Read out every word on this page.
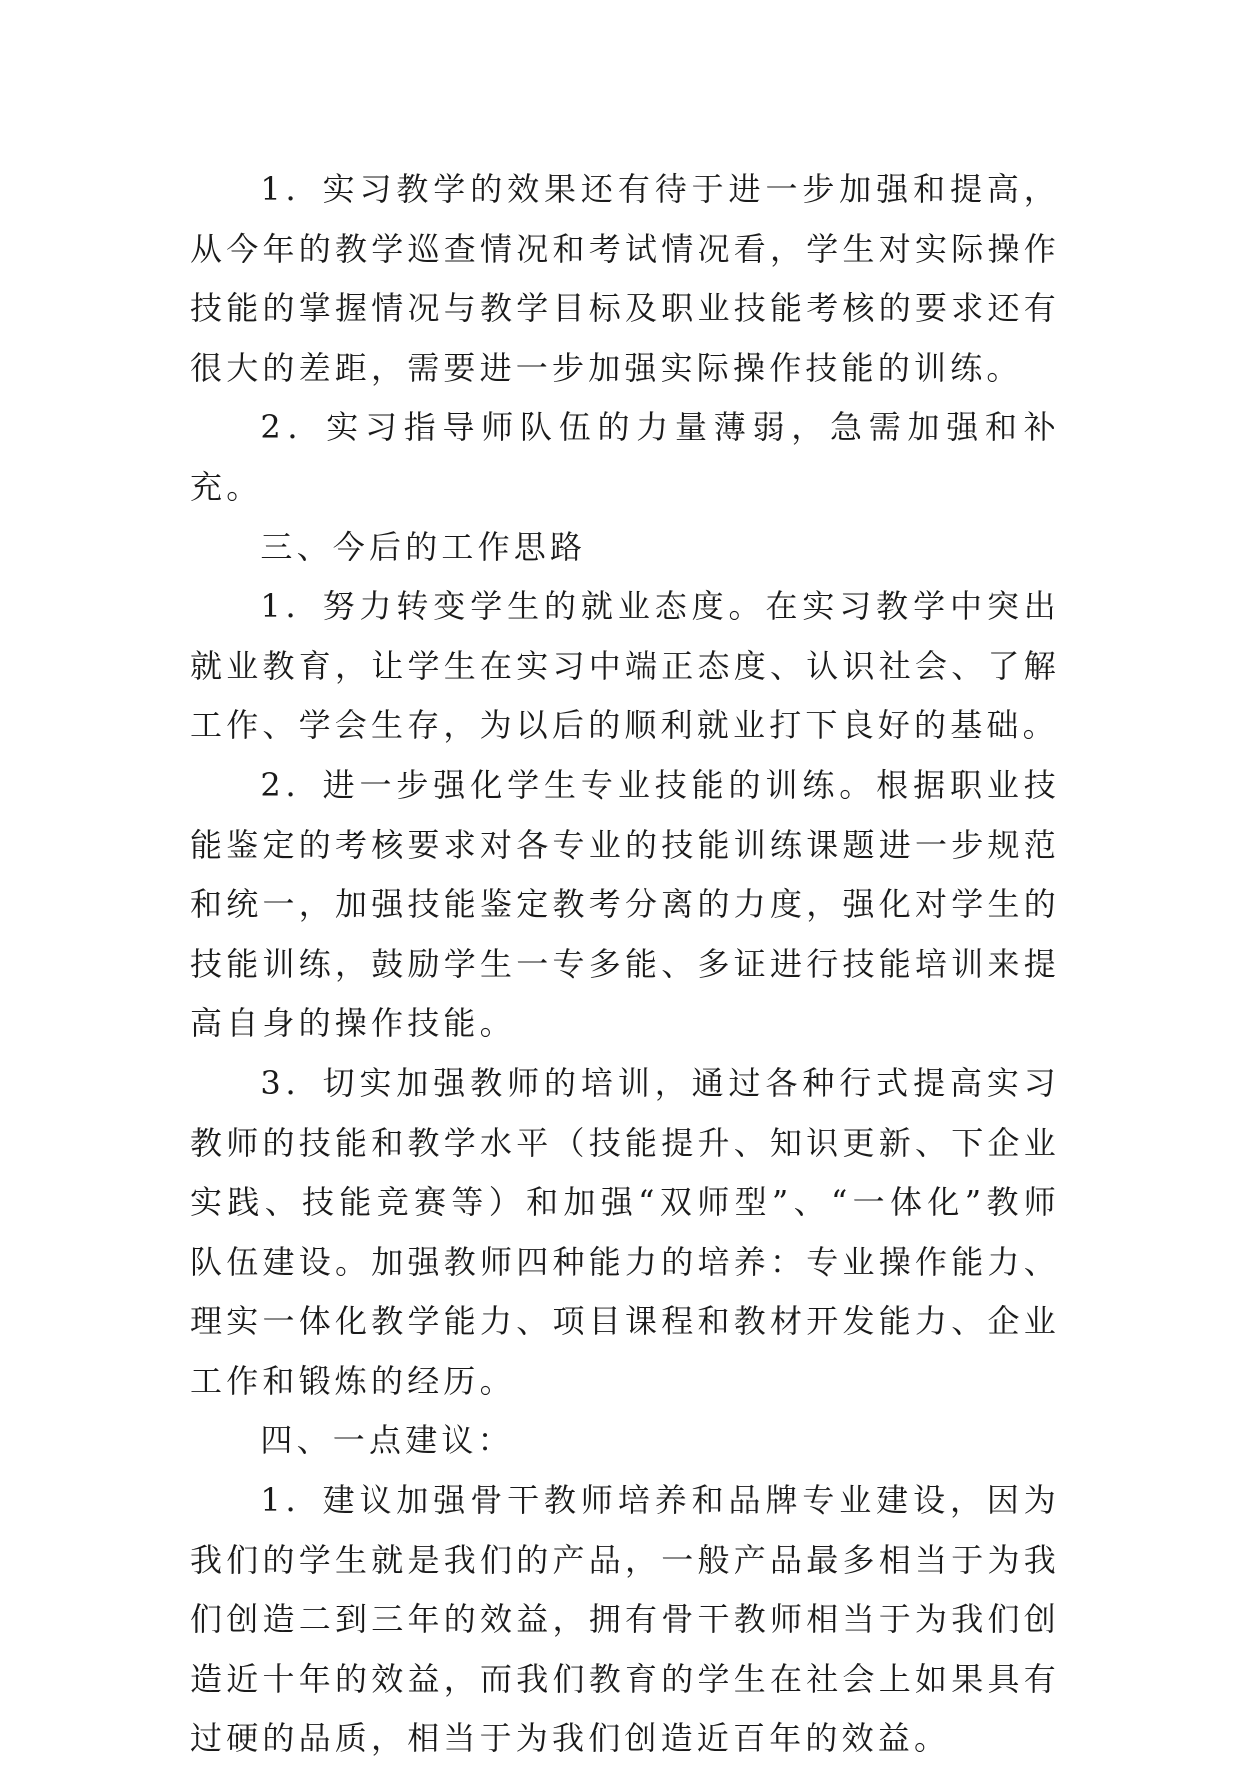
1．实习教学的效果还有待于进一步加强和提高，从今年的教学巡查情况和考试情况看，学生对实际操作技能的掌握情况与教学目标及职业技能考核的要求还有很大的差距，需要进一步加强实际操作技能的训练。

2．实习指导师队伍的力量薄弱，急需加强和补充。

三、今后的工作思路

1．努力转变学生的就业态度。在实习教学中突出就业教育，让学生在实习中端正态度、认识社会、了解工作、学会生存，为以后的顺利就业打下良好的基础。

2．进一步强化学生专业技能的训练。根据职业技能鉴定的考核要求对各专业的技能训练课题进一步规范和统一，加强技能鉴定教考分离的力度，强化对学生的技能训练，鼓励学生一专多能、多证进行技能培训来提高自身的操作技能。

3．切实加强教师的培训，通过各种行式提高实习教师的技能和教学水平（技能提升、知识更新、下企业实践、技能竞赛等）和加强“双师型”、“一体化”教师队伍建设。加强教师四种能力的培养：专业操作能力、理实一体化教学能力、项目课程和教材开发能力、企业工作和锻炼的经历。

四、一点建议：

1．建议加强骨干教师培养和品牌专业建设，因为我们的学生就是我们的产品，一般产品最多相当于为我们创造二到三年的效益，拥有骨干教师相当于为我们创造近十年的效益，而我们教育的学生在社会上如果具有过硬的品质，相当于为我们创造近百年的效益。
